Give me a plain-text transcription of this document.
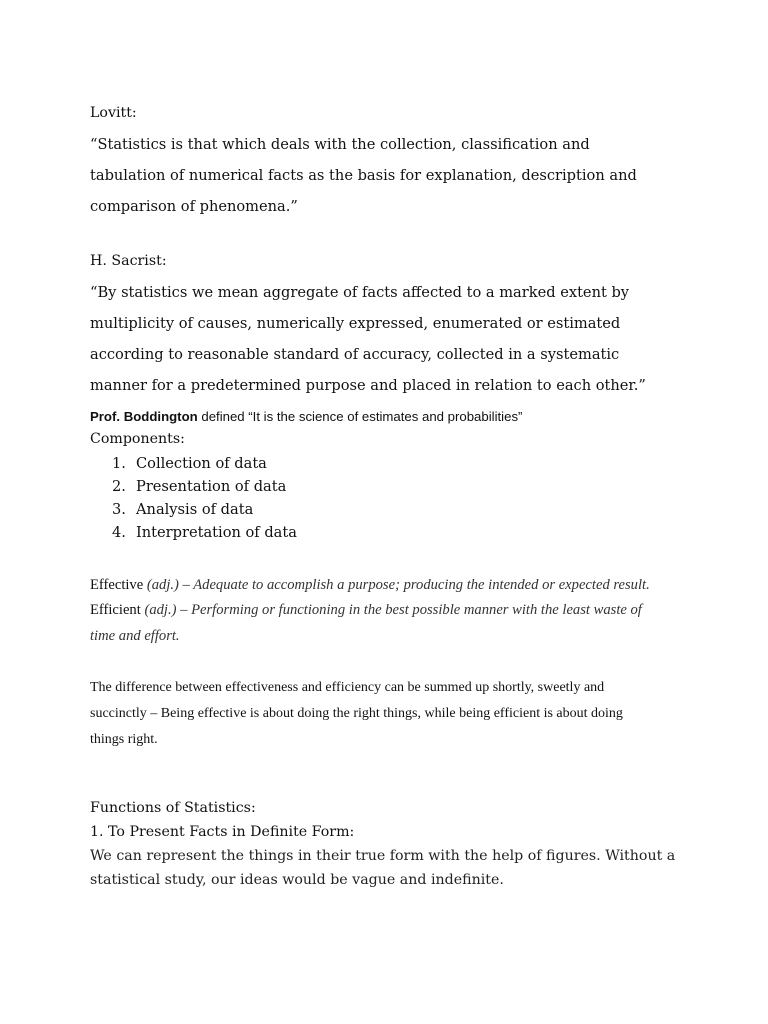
Lovitt:
“Statistics is that which deals with the collection, classification and
tabulation of numerical facts as the basis for explanation, description and
comparison of phenomena.”
H. Sacrist:
“By statistics we mean aggregate of facts affected to a marked extent by
multiplicity of causes, numerically expressed, enumerated or estimated
according to reasonable standard of accuracy, collected in a systematic
manner for a predetermined purpose and placed in relation to each other.”
Prof. Boddington defined “It is the science of estimates and probabilities”
Components:
1. Collection of data
2. Presentation of data
3. Analysis of data
4. Interpretation of data
Effective (adj.) – Adequate to accomplish a purpose; producing the intended or expected result.
Efficient (adj.) – Performing or functioning in the best possible manner with the least waste of
time and effort.
The difference between effectiveness and efficiency can be summed up shortly, sweetly and
succinctly – Being effective is about doing the right things, while being efficient is about doing
things right.
Functions of Statistics:
1. To Present Facts in Definite Form:
We can represent the things in their true form with the help of figures. Without a
statistical study, our ideas would be vague and indefinite.
